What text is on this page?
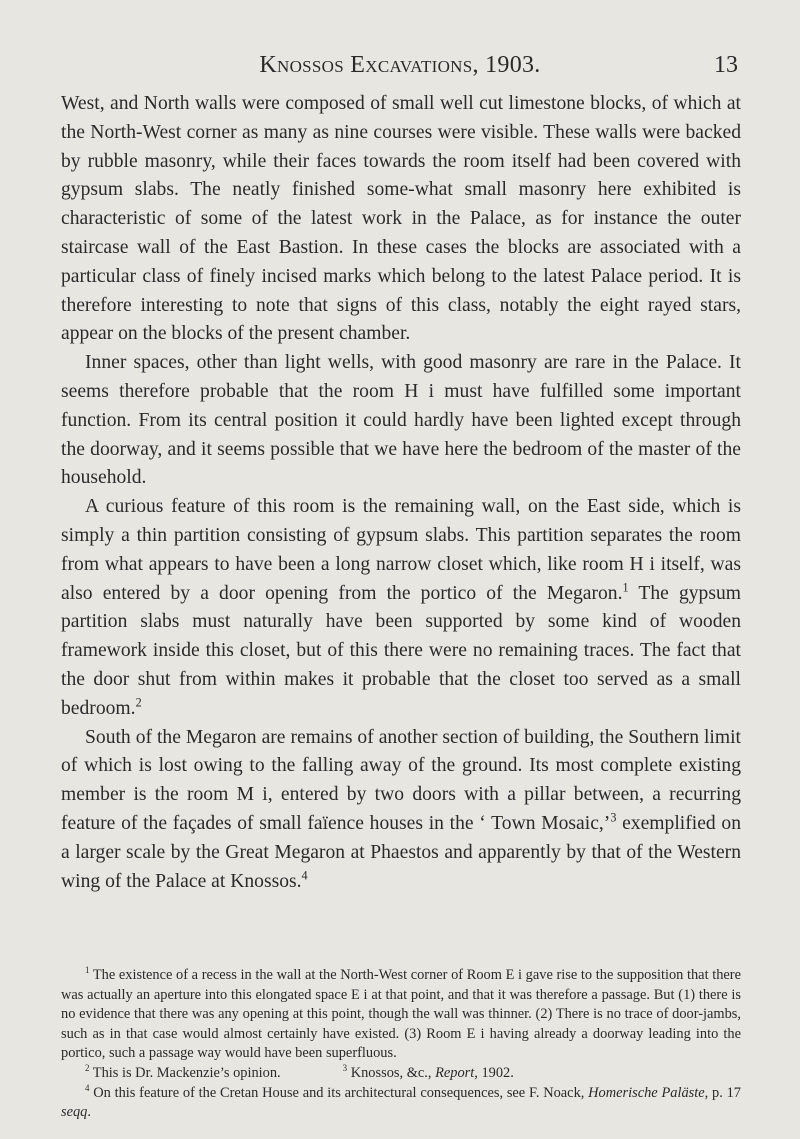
Knossos Excavations, 1903.	13

West, and North walls were composed of small well cut limestone blocks, of which at the North-West corner as many as nine courses were visible. These walls were backed by rubble masonry, while their faces towards the room itself had been covered with gypsum slabs. The neatly finished some-what small masonry here exhibited is characteristic of some of the latest work in the Palace, as for instance the outer staircase wall of the East Bastion. In these cases the blocks are associated with a particular class of finely incised marks which belong to the latest Palace period. It is therefore interesting to note that signs of this class, notably the eight rayed stars, appear on the blocks of the present chamber.

Inner spaces, other than light wells, with good masonry are rare in the Palace. It seems therefore probable that the room H i must have fulfilled some important function. From its central position it could hardly have been lighted except through the doorway, and it seems possible that we have here the bedroom of the master of the household.

A curious feature of this room is the remaining wall, on the East side, which is simply a thin partition consisting of gypsum slabs. This partition separates the room from what appears to have been a long narrow closet which, like room H i itself, was also entered by a door opening from the portico of the Megaron.$^1$ The gypsum partition slabs must naturally have been supported by some kind of wooden framework inside this closet, but of this there were no remaining traces. The fact that the door shut from within makes it probable that the closet too served as a small bedroom.$^2$

South of the Megaron are remains of another section of building, the Southern limit of which is lost owing to the falling away of the ground. Its most complete existing member is the room M i, entered by two doors with a pillar between, a recurring feature of the façades of small faïence houses in the ‘ Town Mosaic,’$^3$ exemplified on a larger scale by the Great Megaron at Phaestos and apparently by that of the Western wing of the Palace at Knossos.$^4$

$^1$ The existence of a recess in the wall at the North-West corner of Room E i gave rise to the supposition that there was actually an aperture into this elongated space E i at that point, and that it was therefore a passage. But (1) there is no evidence that there was any opening at this point, though the wall was thinner. (2) There is no trace of door-jambs, such as in that case would almost certainly have existed. (3) Room E i having already a doorway leading into the portico, such a passage way would have been superfluous.

$^2$ This is Dr. Mackenzie’s opinion.	$^3$ Knossos, &c., Report, 1902.

$^4$ On this feature of the Cretan House and its architectural consequences, see F. Noack, Homerische Paläste, p. 17 seqq.
